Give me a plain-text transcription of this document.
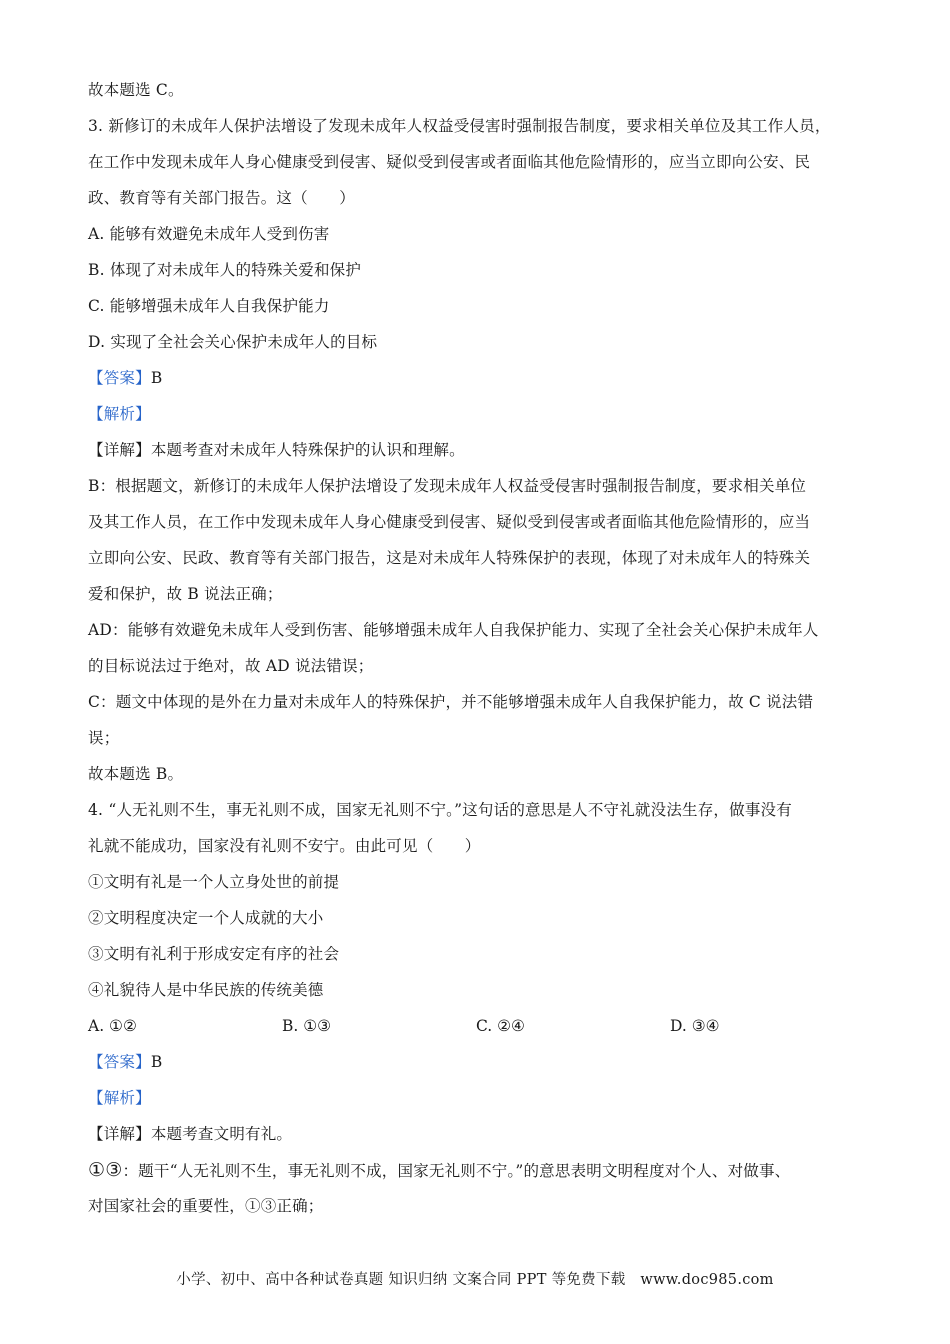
故本题选 C。
3. 新修订的未成年人保护法增设了发现未成年人权益受侵害时强制报告制度，要求相关单位及其工作人员，
在工作中发现未成年人身心健康受到侵害、疑似受到侵害或者面临其他危险情形的，应当立即向公安、民
政、教育等有关部门报告。这（　　）
A. 能够有效避免未成年人受到伤害
B. 体现了对未成年人的特殊关爱和保护
C. 能够增强未成年人自我保护能力
D. 实现了全社会关心保护未成年人的目标
【答案】B
【解析】
【详解】本题考查对未成年人特殊保护的认识和理解。
B：根据题文，新修订的未成年人保护法增设了发现未成年人权益受侵害时强制报告制度，要求相关单位
及其工作人员，在工作中发现未成年人身心健康受到侵害、疑似受到侵害或者面临其他危险情形的，应当
立即向公安、民政、教育等有关部门报告，这是对未成年人特殊保护的表现，体现了对未成年人的特殊关
爱和保护，故 B 说法正确；
AD：能够有效避免未成年人受到伤害、能够增强未成年人自我保护能力、实现了全社会关心保护未成年人
的目标说法过于绝对，故 AD 说法错误；
C：题文中体现的是外在力量对未成年人的特殊保护，并不能够增强未成年人自我保护能力，故 C 说法错
误；
故本题选 B。
4. “人无礼则不生，事无礼则不成，国家无礼则不宁。”这句话的意思是人不守礼就没法生存，做事没有
礼就不能成功，国家没有礼则不安宁。由此可见（　　）
①文明有礼是一个人立身处世的前提
②文明程度决定一个人成就的大小
③文明有礼利于形成安定有序的社会
④礼貌待人是中华民族的传统美德
A. ①②	B. ①③	C. ②④	D. ③④
【答案】B
【解析】
【详解】本题考查文明有礼。
①③：题干“人无礼则不生，事无礼则不成，国家无礼则不宁。”的意思表明文明程度对个人、对做事、
对国家社会的重要性，①③正确；
小学、初中、高中各种试卷真题 知识归纳 文案合同 PPT 等免费下载　www.doc985.com
